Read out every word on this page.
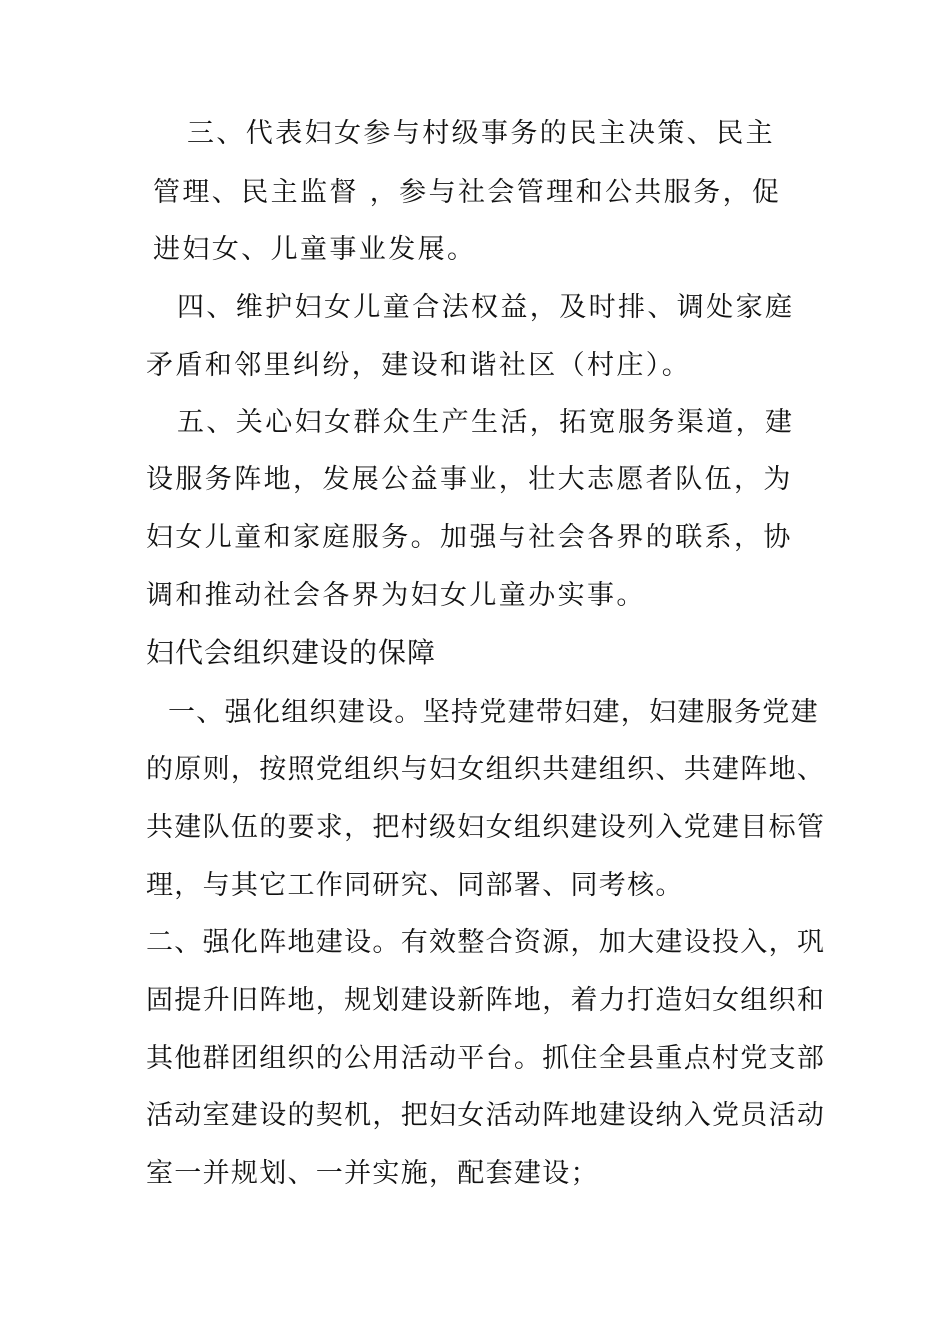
三、代表妇女参与村级事务的民主决策、民主
管理、民主监督 ，参与社会管理和公共服务，促
进妇女、儿童事业发展。
四、维护妇女儿童合法权益，及时排、调处家庭
矛盾和邻里纠纷，建设和谐社区（村庄）。
五、关心妇女群众生产生活，拓宽服务渠道，建
设服务阵地，发展公益事业，壮大志愿者队伍，为
妇女儿童和家庭服务。加强与社会各界的联系，协
调和推动社会各界为妇女儿童办实事。
妇代会组织建设的保障
一、强化组织建设。坚持党建带妇建，妇建服务党建
的原则，按照党组织与妇女组织共建组织、共建阵地、
共建队伍的要求，把村级妇女组织建设列入党建目标管
理，与其它工作同研究、同部署、同考核。
二、强化阵地建设。有效整合资源，加大建设投入，巩
固提升旧阵地，规划建设新阵地，着力打造妇女组织和
其他群团组织的公用活动平台。抓住全县重点村党支部
活动室建设的契机，把妇女活动阵地建设纳入党员活动
室一并规划、一并实施，配套建设；
